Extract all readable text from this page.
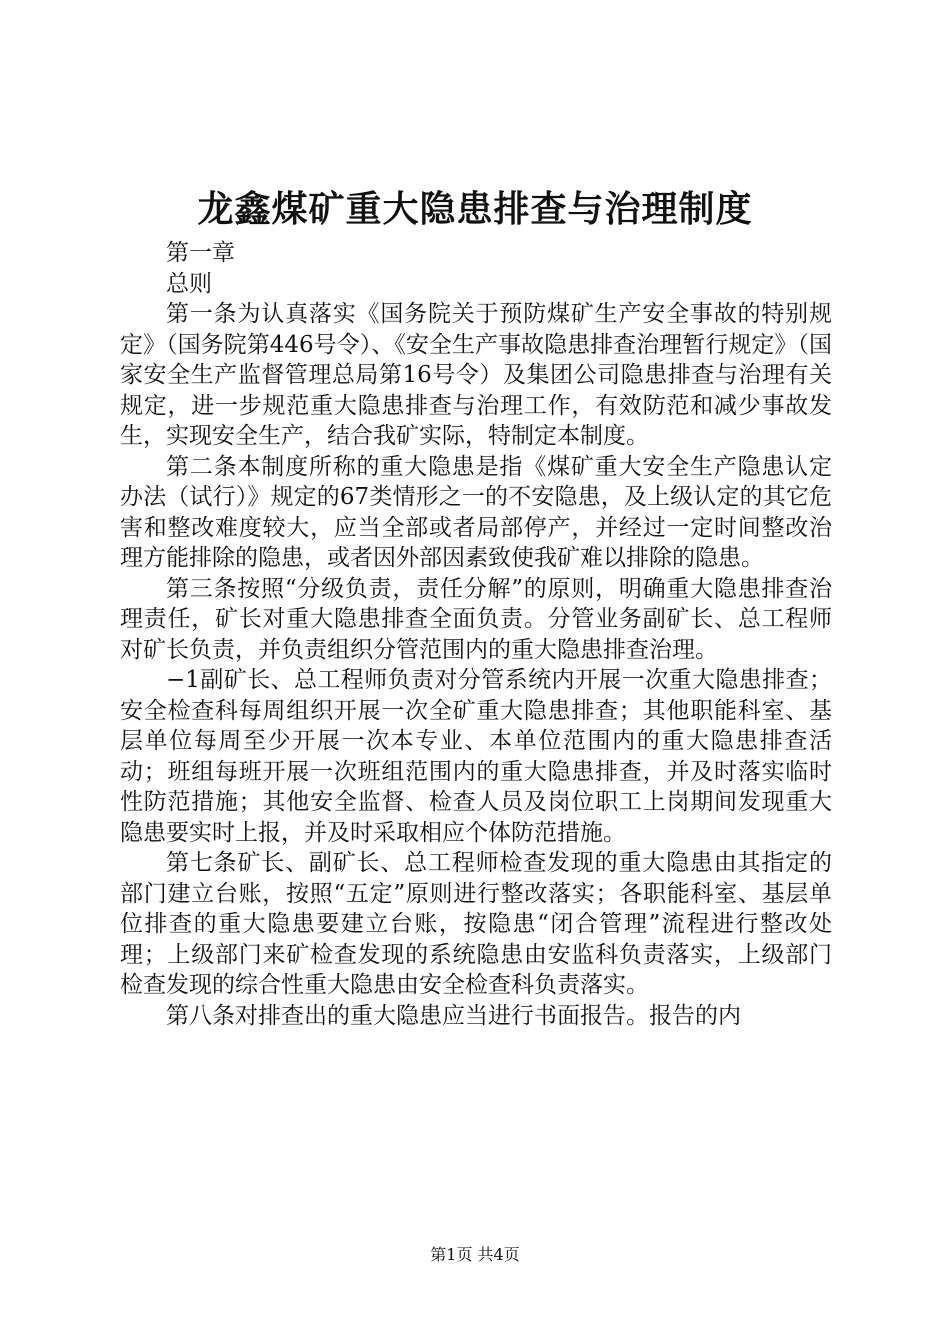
龙鑫煤矿重大隐患排查与治理制度

第一章

总则

第一条为认真落实《国务院关于预防煤矿生产安全事故的特别规定》（国务院第446号令）、《安全生产事故隐患排查治理暂行规定》（国家安全生产监督管理总局第16号令）及集团公司隐患排查与治理有关规定，进一步规范重大隐患排查与治理工作，有效防范和减少事故发生，实现安全生产，结合我矿实际，特制定本制度。

第二条本制度所称的重大隐患是指《煤矿重大安全生产隐患认定办法（试行）》规定的67类情形之一的不安隐患，及上级认定的其它危害和整改难度较大，应当全部或者局部停产，并经过一定时间整改治理方能排除的隐患，或者因外部因素致使我矿难以排除的隐患。

第三条按照“分级负责，责任分解”的原则，明确重大隐患排查治理责任，矿长对重大隐患排查全面负责。分管业务副矿长、总工程师对矿长负责，并负责组织分管范围内的重大隐患排查治理。

−1副矿长、总工程师负责对分管系统内开展一次重大隐患排查；安全检查科每周组织开展一次全矿重大隐患排查；其他职能科室、基层单位每周至少开展一次本专业、本单位范围内的重大隐患排查活动；班组每班开展一次班组范围内的重大隐患排查，并及时落实临时性防范措施；其他安全监督、检查人员及岗位职工上岗期间发现重大隐患要实时上报，并及时采取相应个体防范措施。

第七条矿长、副矿长、总工程师检查发现的重大隐患由其指定的部门建立台账，按照“五定”原则进行整改落实；各职能科室、基层单位排查的重大隐患要建立台账，按隐患“闭合管理”流程进行整改处理；上级部门来矿检查发现的系统隐患由安监科负责落实，上级部门检查发现的综合性重大隐患由安全检查科负责落实。

第八条对排查出的重大隐患应当进行书面报告。报告的内

第1页 共4页
